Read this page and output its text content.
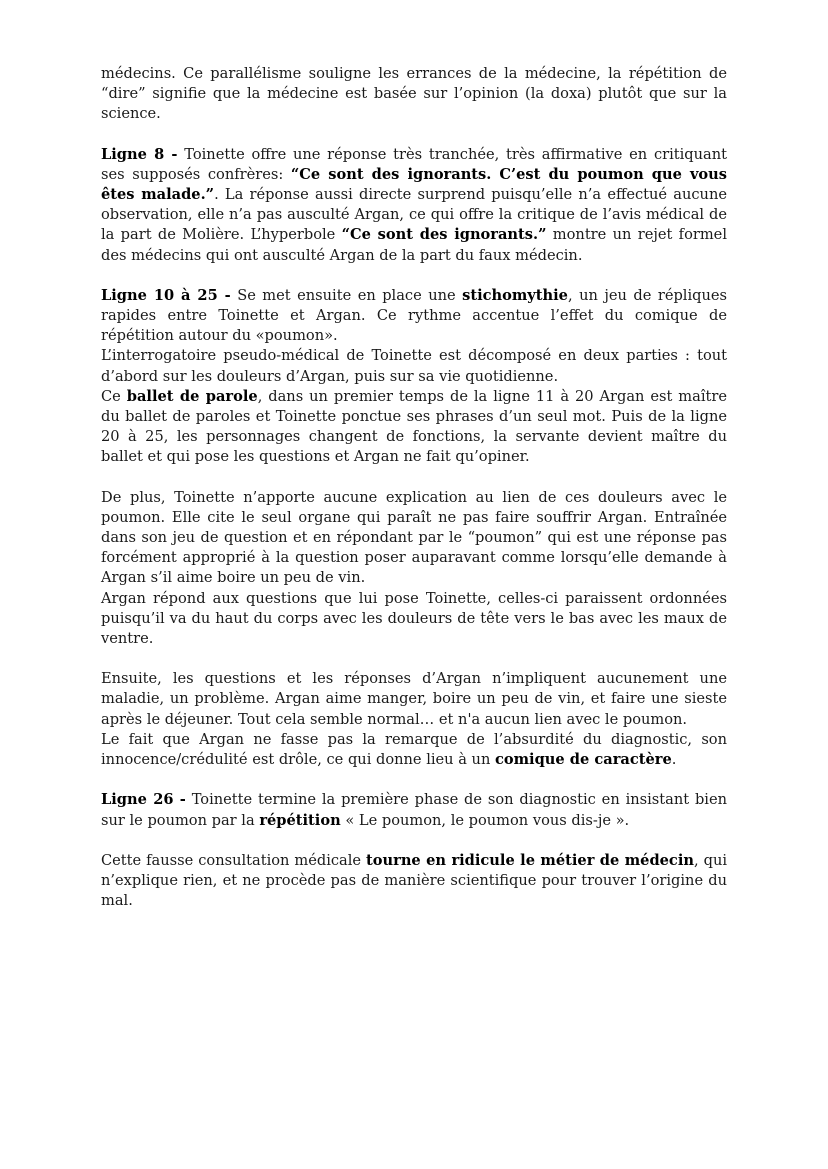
médecins. Ce parallélisme souligne les errances de la médecine, la répétition de “dire” signifie que la médecine est basée sur l’opinion (la doxa) plutôt que sur la science.

Ligne 8 - Toinette offre une réponse très tranchée, très affirmative en critiquant ses supposés confrères: “Ce sont des ignorants. C’est du poumon que vous êtes malade.”. La réponse aussi directe surprend puisqu’elle n’a effectué aucune observation, elle n’a pas ausculté Argan, ce qui offre la critique de l’avis médical de la part de Molière. L’hyperbole “Ce sont des ignorants.” montre un rejet formel des médecins qui ont ausculté Argan de la part du faux médecin.

Ligne 10 à 25 - Se met ensuite en place une stichomythie, un jeu de répliques rapides entre Toinette et Argan. Ce rythme accentue l’effet du comique de répétition autour du «poumon».

L’interrogatoire pseudo-médical de Toinette est décomposé en deux parties : tout d’abord sur les douleurs d’Argan, puis sur sa vie quotidienne.

Ce ballet de parole, dans un premier temps de la ligne 11 à 20 Argan est maître du ballet de paroles et Toinette ponctue ses phrases d’un seul mot. Puis de la ligne 20 à 25, les personnages changent de fonctions, la servante devient maître du ballet et qui pose les questions et Argan ne fait qu’opiner.

De plus, Toinette n’apporte aucune explication au lien de ces douleurs avec le poumon. Elle cite le seul organe qui paraît ne pas faire souffrir Argan. Entraînée dans son jeu de question et en répondant par le “poumon” qui est une réponse pas forcément approprié à la question poser auparavant comme lorsqu’elle demande à Argan s’il aime boire un peu de vin.

Argan répond aux questions que lui pose Toinette, celles-ci paraissent ordonnées puisqu’il va du haut du corps avec les douleurs de tête vers le bas avec les maux de ventre.

Ensuite, les questions et les réponses d’Argan n’impliquent aucunement une maladie, un problème. Argan aime manger, boire un peu de vin, et faire une sieste après le déjeuner. Tout cela semble normal… et n'a aucun lien avec le poumon.

Le fait que Argan ne fasse pas la remarque de l’absurdité du diagnostic, son innocence/crédulité est drôle, ce qui donne lieu à un comique de caractère.

Ligne 26 - Toinette termine la première phase de son diagnostic en insistant bien sur le poumon par la répétition « Le poumon, le poumon vous dis-je ».

Cette fausse consultation médicale tourne en ridicule le métier de médecin, qui n’explique rien, et ne procède pas de manière scientifique pour trouver l’origine du mal.
